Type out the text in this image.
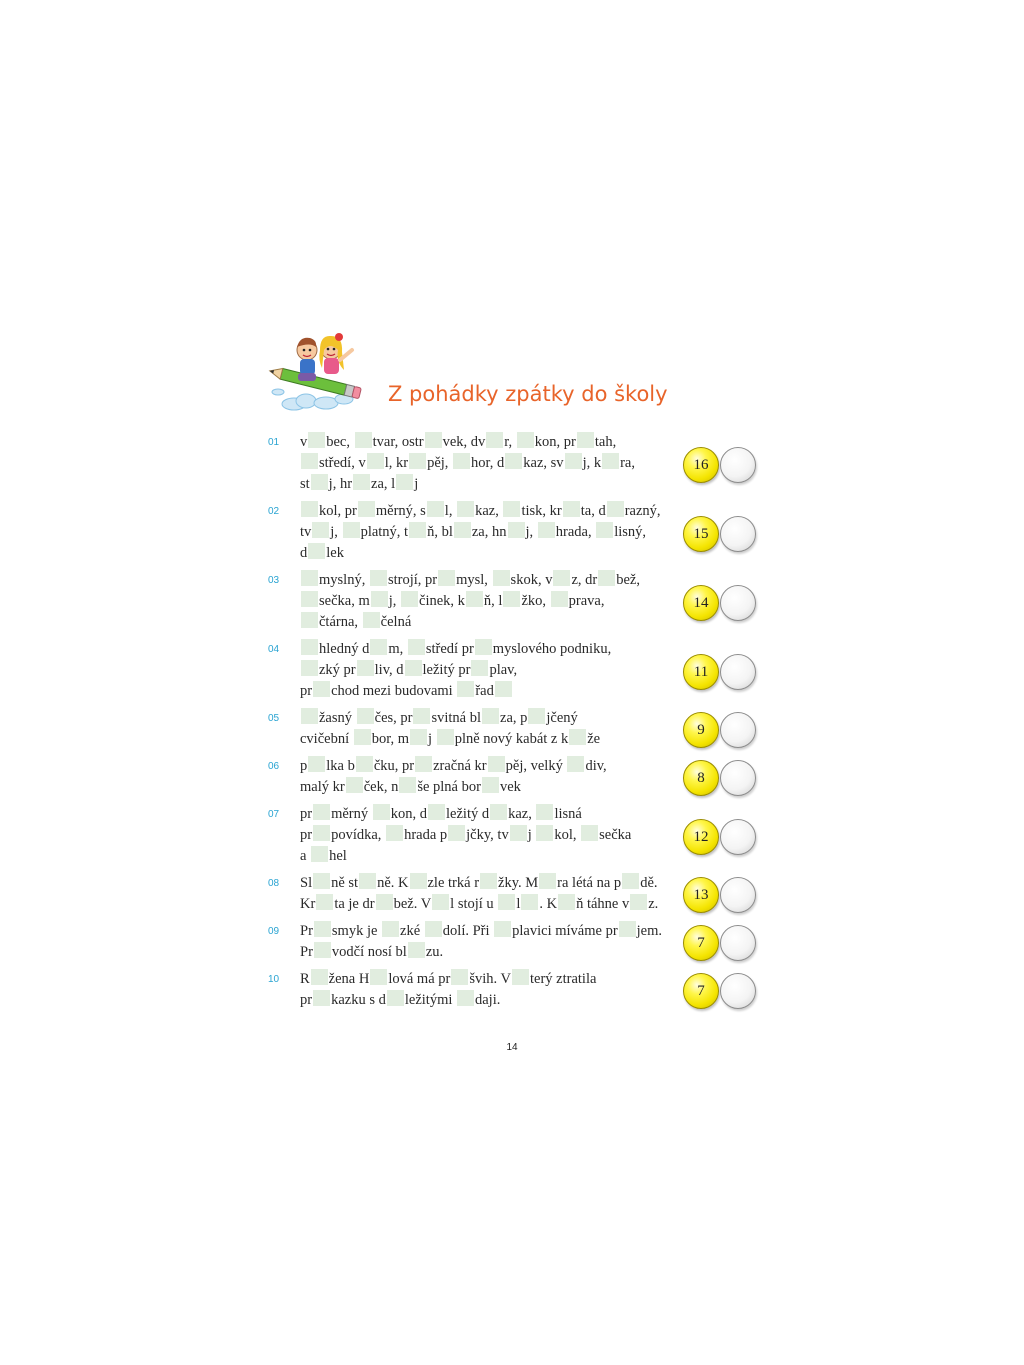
Z pohádky zpátky do školy
01 v bec, tvar, ostr vek, dv r, kon, pr tah,
středí, v l, kr pěj, hor, d kaz, sv j, k ra,
st j, hr za, l j
16
02	kol, pr měrný, s l, kaz, tisk, kr ta, d razný,
tv j, platný, t ň, bl za, hn j, hrada, lisný,
d lek
15
03	myslný, strojí, pr mysl, skok, v z, dr bež,
sečka, m j, činek, k ň, l žko, prava,
čtárna, čelná
14
04	hledný d m, středí pr myslového podniku,
zký pr liv, d ležitý pr plav,
pr chod mezi budovami řad
11
05	žasný čes, pr svitná bl za, p jčený
cvičební bor, m j plně nový kabát z k že
9
06 p lka b čku, pr zračná kr pěj, velký div,
malý kr ček, n še plná bor vek
8
07 pr měrný kon, d ležitý d kaz, lisná
pr povídka, hrada p jčky, tv j kol, sečka
a hel
12
08 Sl ně st ně. K zle trká r žky. M ra létá na p dě.
Kr ta je dr bež. V l stojí u l . K ň táhne v z.
13
09 Pr smyk je zké dolí. Při plavici míváme pr jem.
Pr vodčí nosí bl zu.
7
10 R žena H lová má pr švih. V terý ztratila
pr kazku s d ležitými daji.
7
14
